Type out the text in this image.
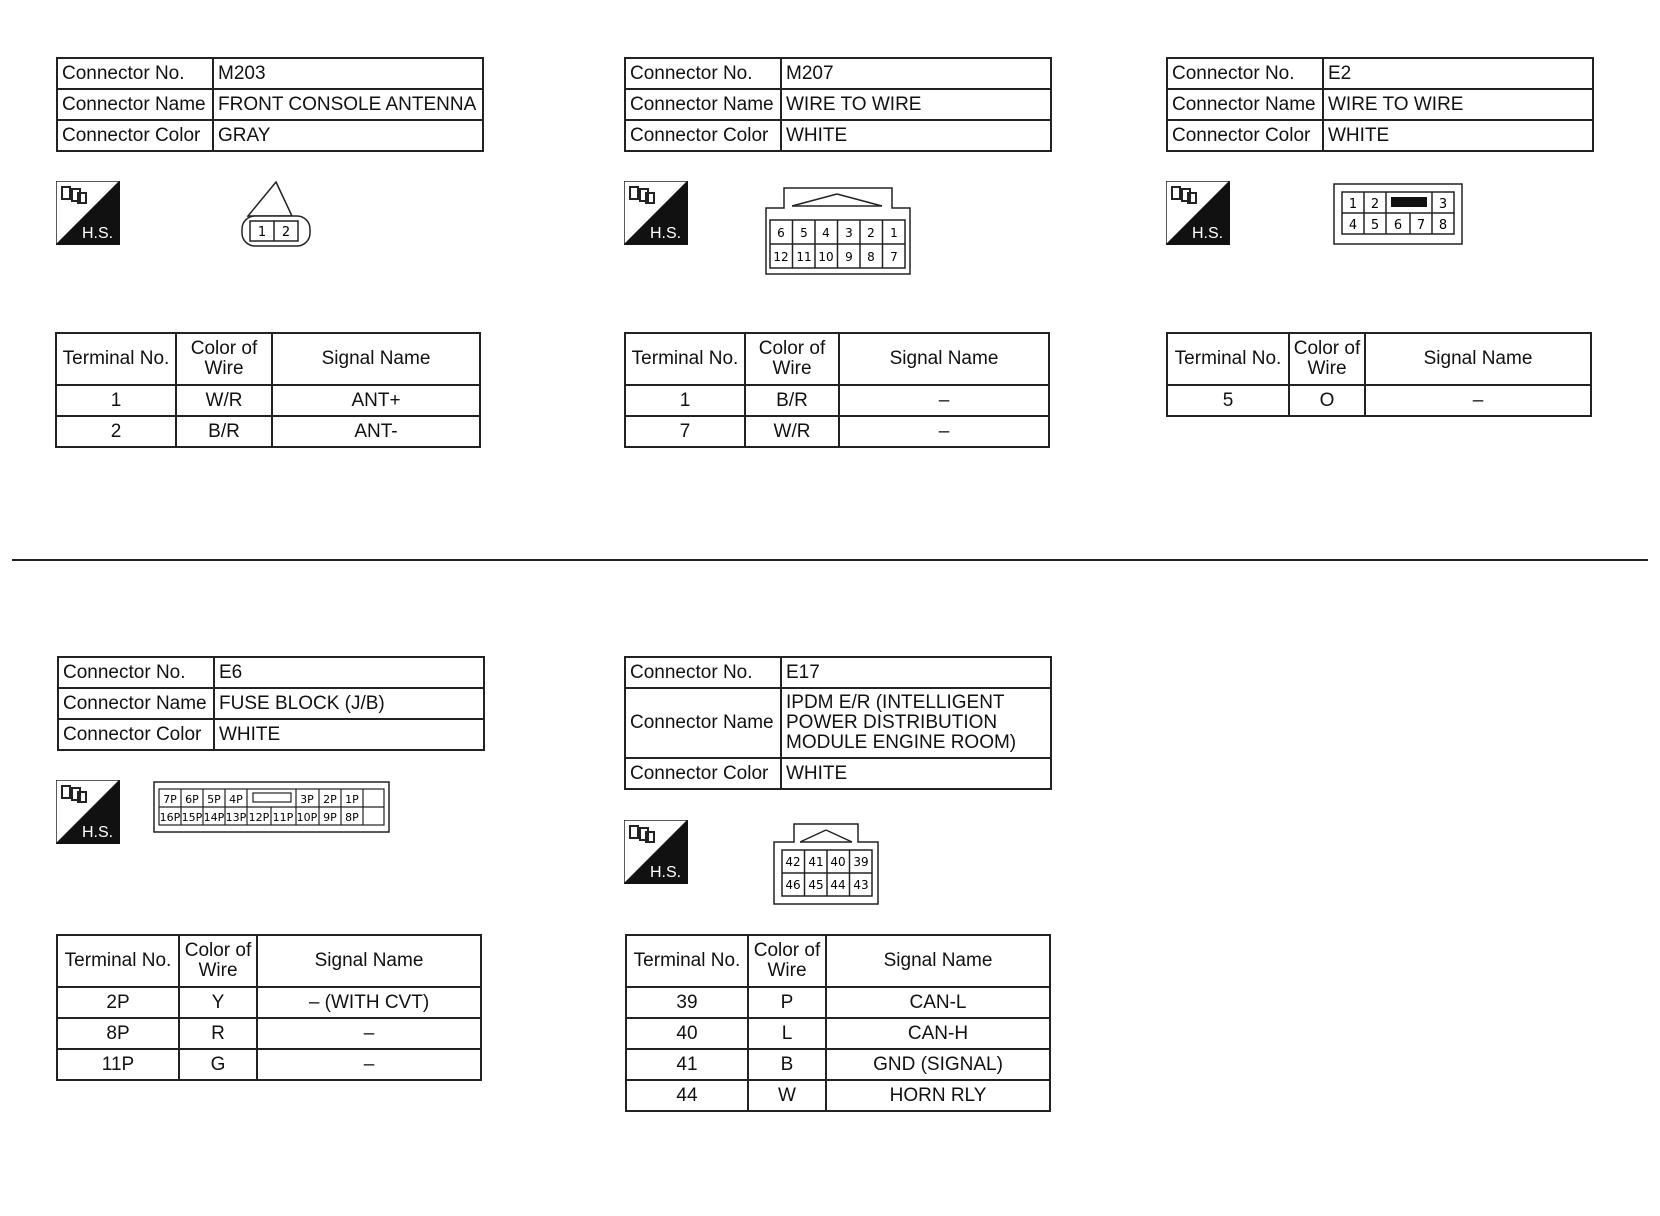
Connector No.	M203
Connector Name	FRONT CONSOLE ANTENNA
Connector Color	GRAY
H.S.	1 2
Terminal No.	Color of Wire	Signal Name
1	W/R	ANT+
2	B/R	ANT-
Connector No.	M207
Connector Name	WIRE TO WIRE
Connector Color	WHITE
H.S.	6 5 4 3 2 1
12 11 10 9 8 7
Terminal No.	Color of Wire	Signal Name
1	B/R	–
7	W/R	–
Connector No.	E2
Connector Name	WIRE TO WIRE
Connector Color	WHITE
H.S.
1 2	3
4 5 6 7 8
Terminal No.	Color of Wire	Signal Name
5	O	–
Connector No.	E6
Connector Name	FUSE BLOCK (J/B)
Connector Color	WHITE
H.S.
7P 6P 5P 4P	3P 2P 1P
16P 15P 14P 13P 12P 11P 10P 9P 8P
Terminal No.	Color of Wire	Signal Name
2P	Y	– (WITH CVT)
8P	R	–
11P	G	–
Connector No.	E17
Connector Name	IPDM E/R (INTELLIGENT
POWER DISTRIBUTION
MODULE ENGINE ROOM)

Connector Color	WHITE
H.S.
42 41 40 39
46 45 44 43
Terminal No.	Color of Wire	Signal Name
39	P	CAN-L
40	L	CAN-H
41	B	GND (SIGNAL)
44	W	HORN RLY
